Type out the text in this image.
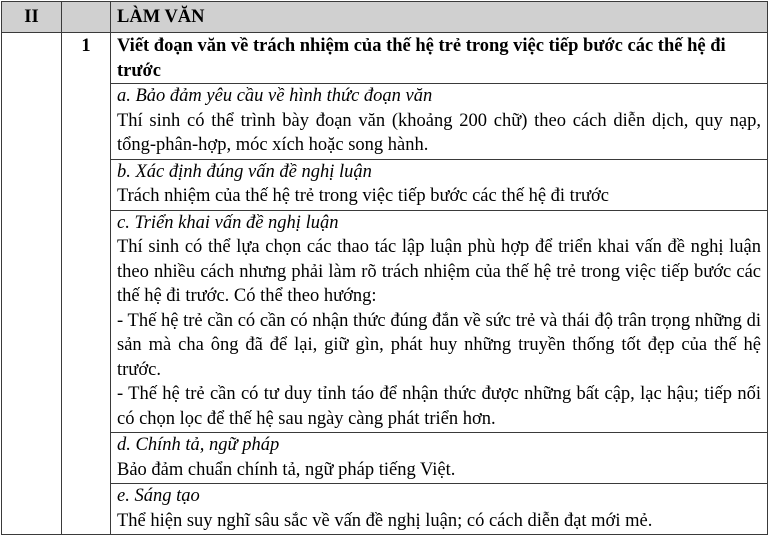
II		LÀM VĂN
	1	Viết đoạn văn về trách nhiệm của thế hệ trẻ trong việc tiếp bước các thế hệ đi trước

		a. Bảo đảm yêu cầu về hình thức đoạn văn
Thí sinh có thể trình bày đoạn văn (khoảng 200 chữ) theo cách diễn dịch, quy nạp, tổng-phân-hợp, móc xích hoặc song hành.

		b. Xác định đúng vấn đề nghị luận
Trách nhiệm của thế hệ trẻ trong việc tiếp bước các thế hệ đi trước

		c. Triển khai vấn đề nghị luận
Thí sinh có thể lựa chọn các thao tác lập luận phù hợp để triển khai vấn đề nghị luận theo nhiều cách nhưng phải làm rõ trách nhiệm của thế hệ trẻ trong việc tiếp bước các thế hệ đi trước. Có thể theo hướng:
- Thế hệ trẻ cần có cần có nhận thức đúng đắn về sức trẻ và thái độ trân trọng những di sản mà cha ông đã để lại, giữ gìn, phát huy những truyền thống tốt đẹp của thế hệ trước.
- Thế hệ trẻ cần có tư duy tỉnh táo để nhận thức được những bất cập, lạc hậu; tiếp nối có chọn lọc để thế hệ sau ngày càng phát triển hơn.

		d. Chính tả, ngữ pháp
Bảo đảm chuẩn chính tả, ngữ pháp tiếng Việt.

		e. Sáng tạo
Thể hiện suy nghĩ sâu sắc về vấn đề nghị luận; có cách diễn đạt mới mẻ.
